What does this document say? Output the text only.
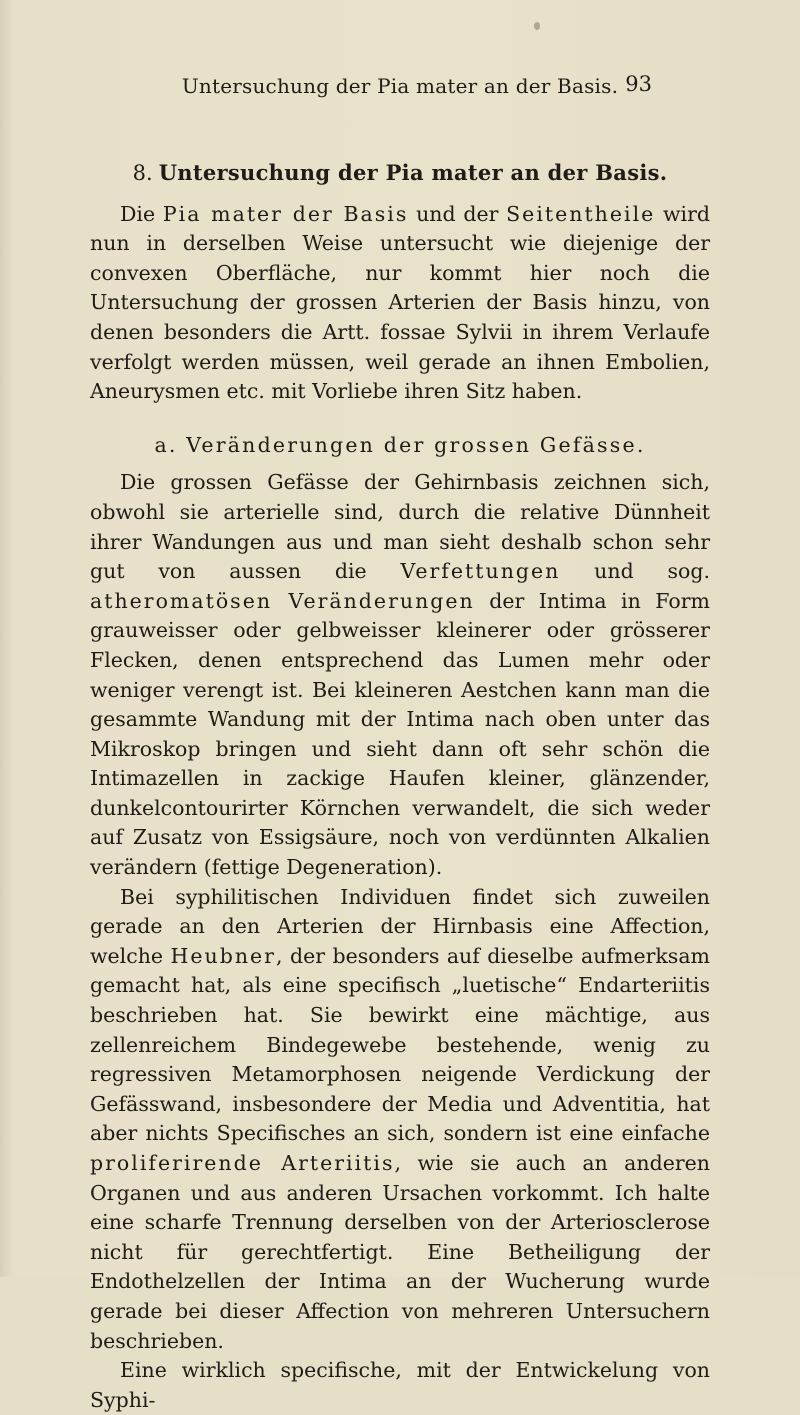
Untersuchung der Pia mater an der Basis. 93
8. Untersuchung der Pia mater an der Basis.

Die Pia mater der Basis und der Seitentheile wird nun in derselben Weise untersucht wie diejenige der convexen Oberfläche, nur kommt hier noch die Untersuchung der grossen Arterien der Basis hinzu, von denen besonders die Artt. fossae Sylvii in ihrem Verlaufe verfolgt werden müssen, weil gerade an ihnen Embolien, Aneurysmen etc. mit Vorliebe ihren Sitz haben.

a. Veränderungen der grossen Gefässe.

Die grossen Gefässe der Gehirnbasis zeichnen sich, obwohl sie arterielle sind, durch die relative Dünnheit ihrer Wandungen aus und man sieht deshalb schon sehr gut von aussen die Verfettungen und sog. atheromatösen Veränderungen der Intima in Form grauweisser oder gelbweisser kleinerer oder grösserer Flecken, denen entsprechend das Lumen mehr oder weniger verengt ist. Bei kleineren Aestchen kann man die gesammte Wandung mit der Intima nach oben unter das Mikroskop bringen und sieht dann oft sehr schön die Intimazellen in zackige Haufen kleiner, glänzender, dunkelcontourirter Körnchen verwandelt, die sich weder auf Zusatz von Essigsäure, noch von verdünnten Alkalien verändern (fettige Degeneration).

Bei syphilitischen Individuen findet sich zuweilen gerade an den Arterien der Hirnbasis eine Affection, welche Heubner, der besonders auf dieselbe aufmerksam gemacht hat, als eine specifisch „luetische“ Endarteriitis beschrieben hat. Sie bewirkt eine mächtige, aus zellenreichem Bindegewebe bestehende, wenig zu regressiven Metamorphosen neigende Verdickung der Gefässwand, insbesondere der Media und Adventitia, hat aber nichts Specifisches an sich, sondern ist eine einfache proliferirende Arteriitis, wie sie auch an anderen Organen und aus anderen Ursachen vorkommt. Ich halte eine scharfe Trennung derselben von der Arteriosclerose nicht für gerechtfertigt. Eine Betheiligung der Endothelzellen der Intima an der Wucherung wurde gerade bei dieser Affection von mehreren Untersuchern beschrieben.

Eine wirklich specifische, mit der Entwickelung von Syphi-
